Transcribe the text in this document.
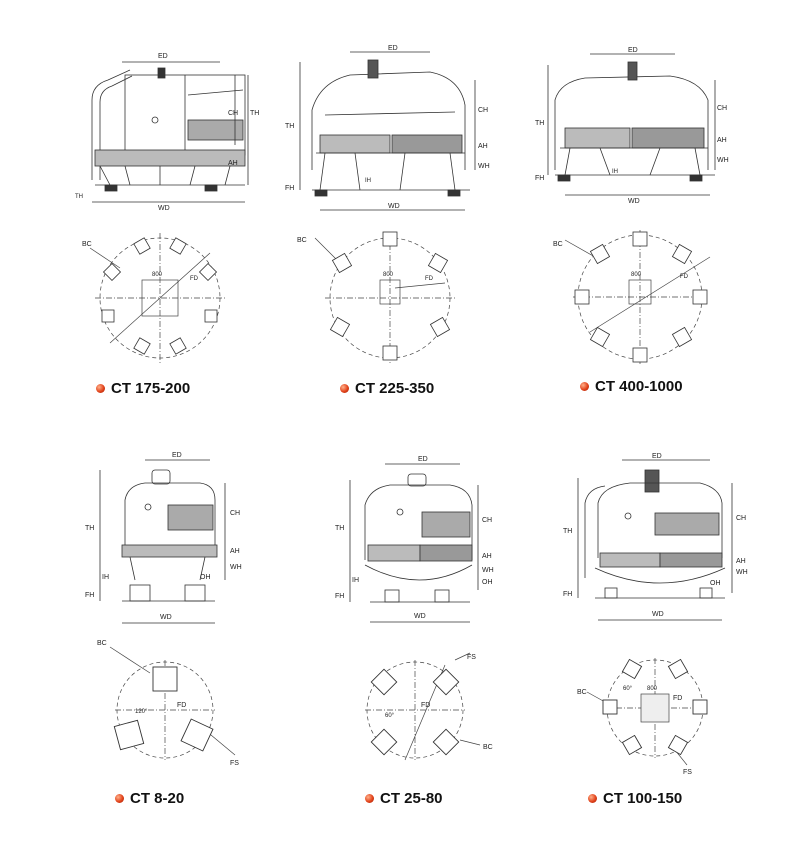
ED
CH TH
AH
WD
TH
ED
TH
CH
AH
WH
FH
IH
WD
ED
TH
CH
AH
WH
FH
IH
WD
BC
800
FD
BC
800
FD
BC
800	FD
CT 175-200	CT 225-350	CT 400-1000
ED
TH
CH
AH
WH
OH
IH
FH
WD
ED
TH
CH
AH
WH
OH
IH
FH
WD
ED
TH
CH
AH
WH
OH
FH
WD
BC
FD
FS
120°
FS
FD
60°
BC
800
FD
BC
FS
60°
CT 8-20	CT 25-80	CT 100-150
